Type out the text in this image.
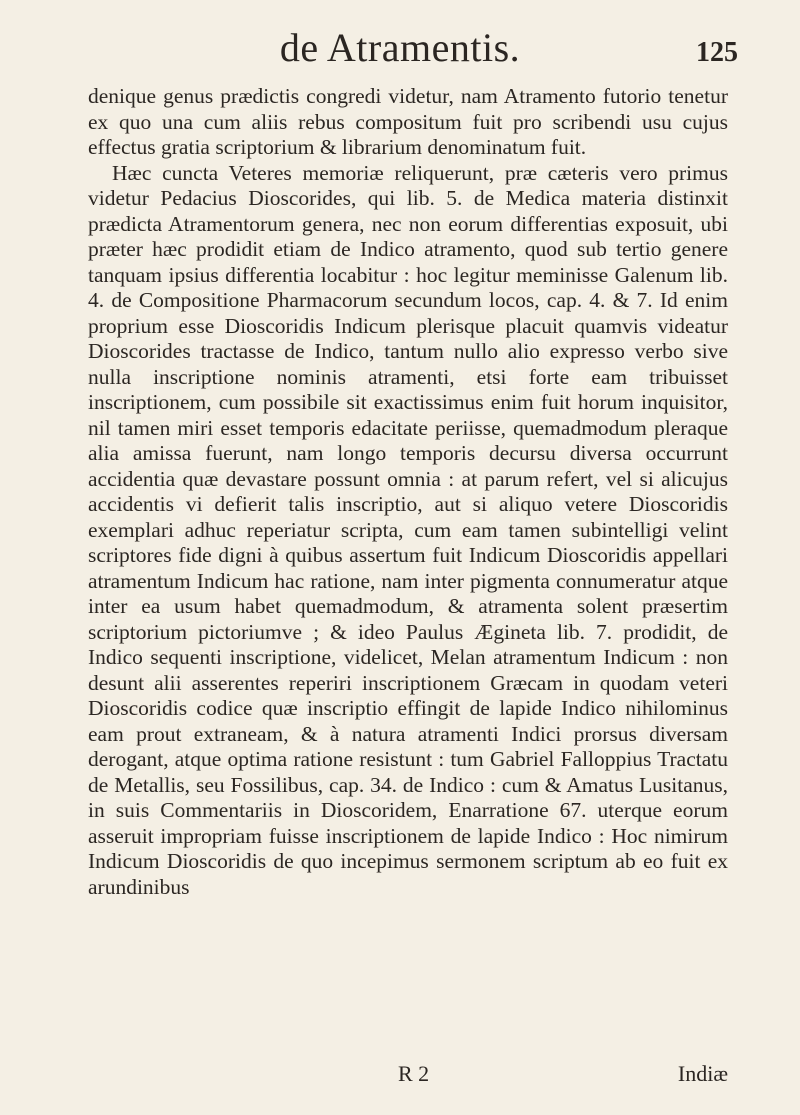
de Atramentis.	125

denique genus prædictis congredi videtur, nam Atramento futorio tenetur ex quo una cum aliis rebus compositum fuit pro scribendi usu cujus effectus gratia scriptorium & librarium denominatum fuit.

Hæc cuncta Veteres memoriæ reliquerunt, præ cæteris vero primus videtur Pedacius Dioscorides, qui lib. 5. de Medica materia distinxit prædicta Atramentorum genera, nec non eorum differentias exposuit, ubi præter hæc prodidit etiam de Indico atramento, quod sub tertio genere tanquam ipsius differentia locabitur : hoc legitur meminisse Galenum lib. 4. de Compositione Pharmacorum secundum locos, cap. 4. & 7. Id enim proprium esse Dioscoridis Indicum plerisque placuit quamvis videatur Dioscorides tractasse de Indico, tantum nullo alio expresso verbo sive nulla inscriptione nominis atramenti, etsi forte eam tribuisset inscriptionem, cum possibile sit exactissimus enim fuit horum inquisitor, nil tamen miri esset temporis edacitate periisse, quemadmodum pleraque alia amissa fuerunt, nam longo temporis decursu diversa occurrunt accidentia quæ devastare possunt omnia : at parum refert, vel si alicujus accidentis vi defierit talis inscriptio, aut si aliquo vetere Dioscoridis exemplari adhuc reperiatur scripta, cum eam tamen subintelligi velint scriptores fide digni à quibus assertum fuit Indicum Dioscoridis appellari atramentum Indicum hac ratione, nam inter pigmenta connumeratur atque inter ea usum habet quemadmodum, & atramenta solent præsertim scriptorium pictoriumve ; & ideo Paulus Ægineta lib. 7. prodidit, de Indico sequenti inscriptione, videlicet, Melan atramentum Indicum : non desunt alii asserentes reperiri inscriptionem Græcam in quodam veteri Dioscoridis codice quæ inscriptio effingit de lapide Indico nihilominus eam prout extraneam, & à natura atramenti Indici prorsus diversam derogant, atque optima ratione resistunt : tum Gabriel Falloppius Tractatu de Metallis, seu Fossilibus, cap. 34. de Indico : cum & Amatus Lusitanus, in suis Commentariis in Dioscoridem, Enarratione 67. uterque eorum asseruit impropriam fuisse inscriptionem de lapide Indico : Hoc nimirum Indicum Dioscoridis de quo incepimus sermonem scriptum ab eo fuit ex arundinibus

R 2	Indiæ
